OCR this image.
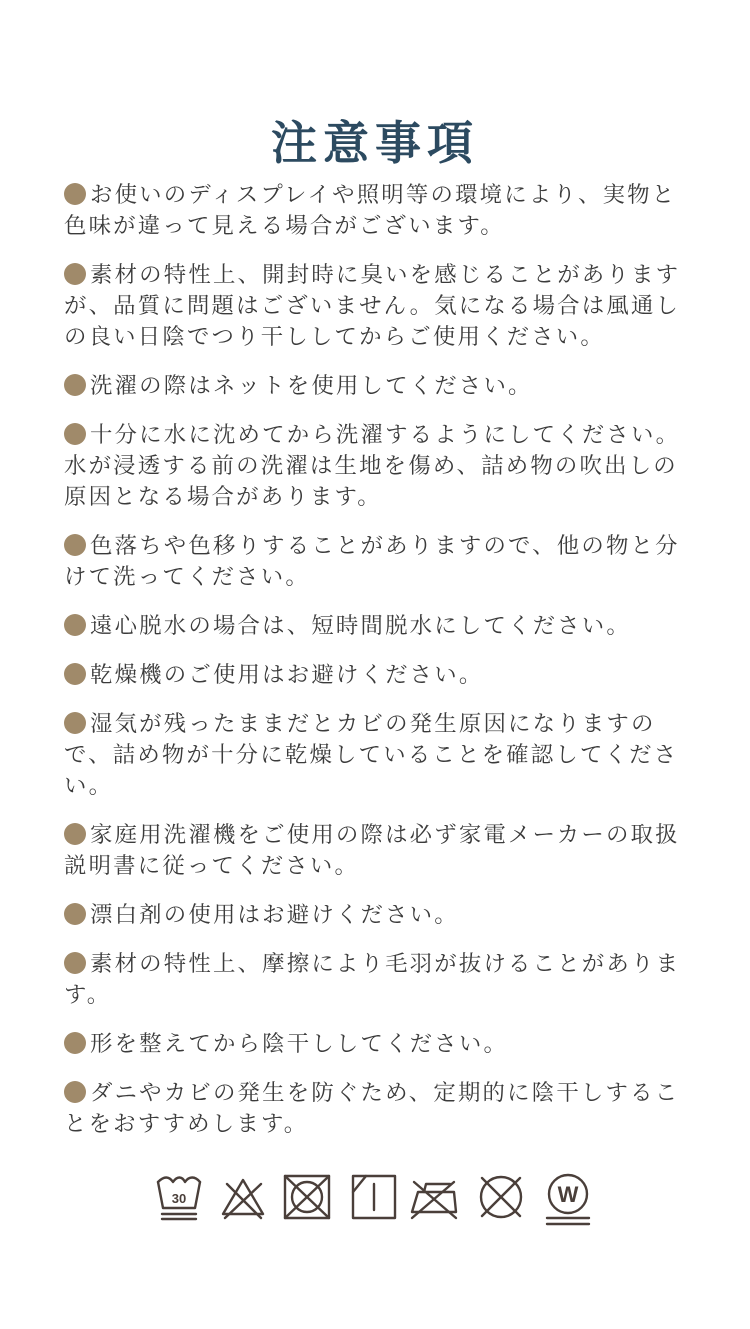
注意事項
お使いのディスプレイや照明等の環境により、実物と色味が違って見える場合がございます。
素材の特性上、開封時に臭いを感じることがありますが、品質に問題はございません。気になる場合は風通しの良い日陰でつり干ししてからご使用ください。
洗濯の際はネットを使用してください。
十分に水に沈めてから洗濯するようにしてください。水が浸透する前の洗濯は生地を傷め、詰め物の吹出しの原因となる場合があります。
色落ちや色移りすることがありますので、他の物と分けて洗ってください。
遠心脱水の場合は、短時間脱水にしてください。
乾燥機のご使用はお避けください。
湿気が残ったままだとカビの発生原因になりますので、詰め物が十分に乾燥していることを確認してください。
家庭用洗濯機をご使用の際は必ず家電メーカーの取扱説明書に従ってください。
漂白剤の使用はお避けください。
素材の特性上、摩擦により毛羽が抜けることがあります。
形を整えてから陰干ししてください。
ダニやカビの発生を防ぐため、定期的に陰干しすることをおすすめします。
30	W
